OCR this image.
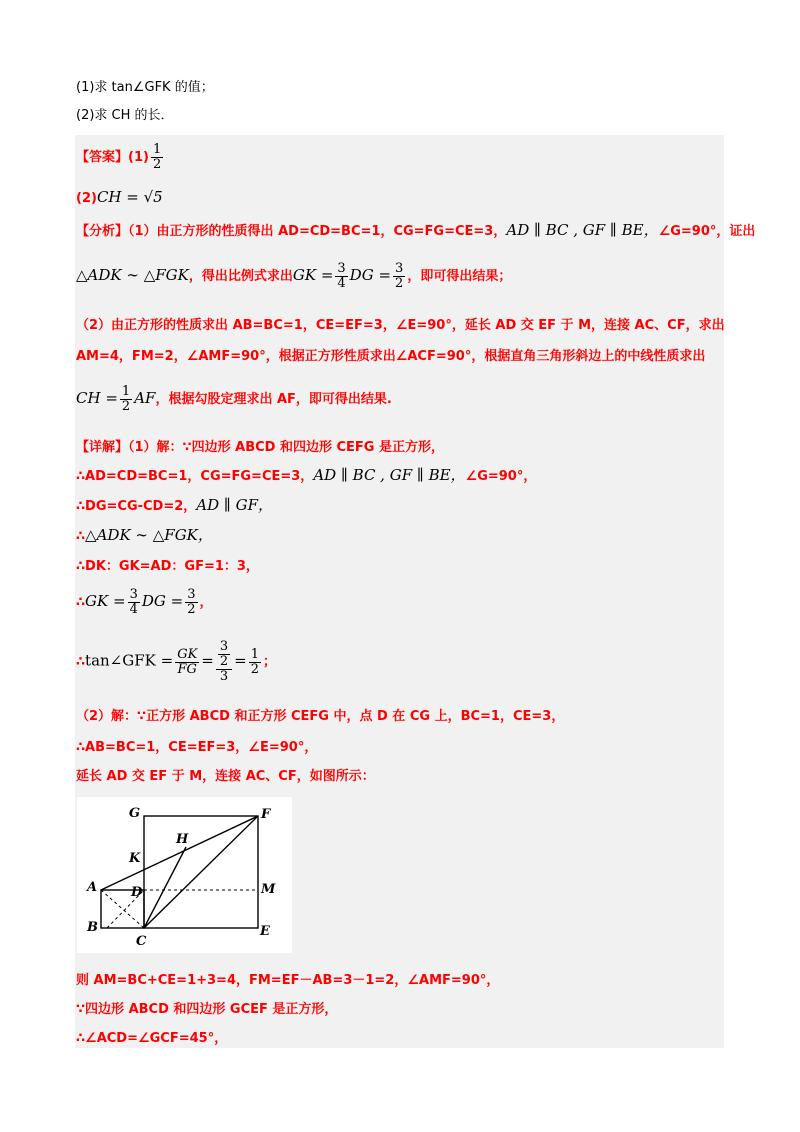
(1)求 tan∠GFK 的值；
(2)求 CH 的长．
【答案】$(1) \frac{1}{2}$
(2)CH = √5
【分析】（1）由正方形的性质得出 AD=CD=BC=1，CG=FG=CE=3，AD ∥ BC , GF ∥ BE，∠G=90°，证出
△ADK ∼ △FGK，得出比例式求出GK = $\frac{3}{4}$ DG = $\frac{3}{2}$ ，即可得出结果；
（2）由正方形的性质求出 AB=BC=1，CE=EF=3，∠E=90°，延长 AD 交 EF 于 M，连接 AC、CF，求出
AM=4，FM=2，∠AMF=90°，根据正方形性质求出∠ACF=90°，根据直角三角形斜边上的中线性质求出
CH = $\frac{1}{2}$ AF，根据勾股定理求出 AF，即可得出结果.
【详解】（1）解：∵四边形 ABCD 和四边形 CEFG 是正方形，
∴AD=CD=BC=1，CG=FG=CE=3，AD ∥ BC , GF ∥ BE，∠G=90°，
∴DG=CG-CD=2，AD ∥ GF，
∴△ADK ∼ △FGK，
∴DK：GK=AD：GF=1：3，
∴GK = $\frac{3}{4}$ DG = $\frac{3}{2}$ ，
∴tan∠GFK = $\frac{GK}{FG} = 3$
2
$3 = \frac{1}{2}$ ；
（2）解：∵正方形 ABCD 和正方形 CEFG 中，点 D 在 CG 上，BC=1，CE=3，
∴AB=BC=1，CE=EF=3，∠E=90°，
延长 AD 交 EF 于 M，连接 AC、CF，如图所示：
G	F
H
K
A	D	M
B
C
E
则 AM=BC+CE=1+3=4，FM=EF－AB=3－1=2，∠AMF=90°，
∵四边形 ABCD 和四边形 GCEF 是正方形，
∴∠ACD=∠GCF=45°，
